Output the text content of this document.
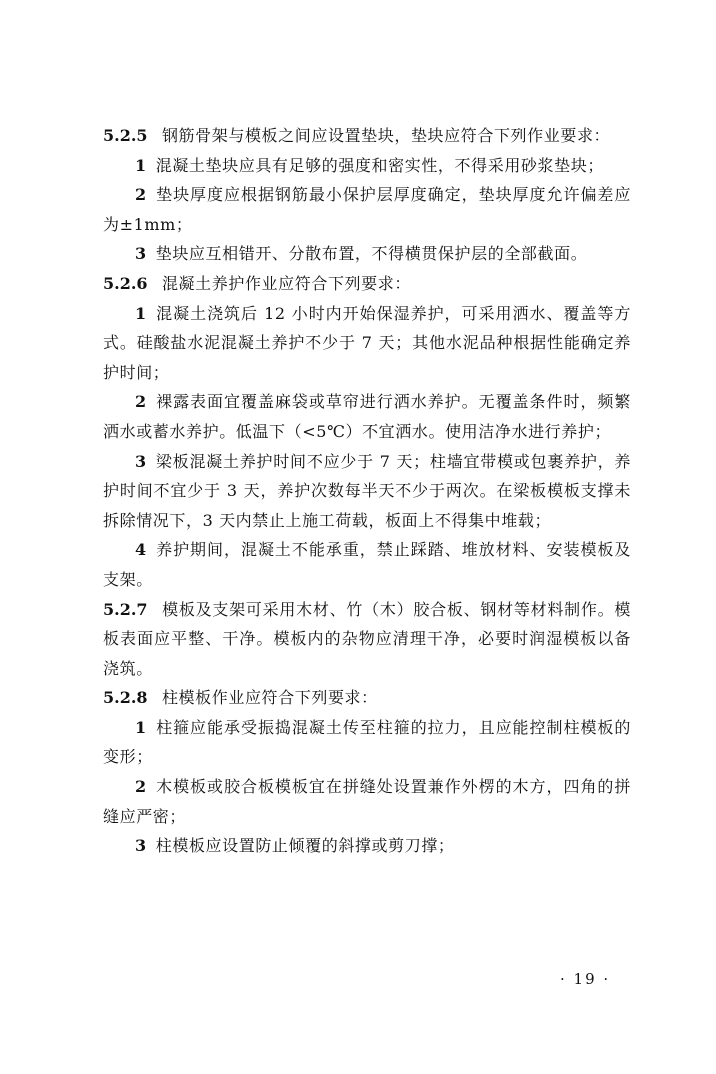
5.2.5 钢筋骨架与模板之间应设置垫块，垫块应符合下列作业要求：

1 混凝土垫块应具有足够的强度和密实性，不得采用砂浆垫块；

2 垫块厚度应根据钢筋最小保护层厚度确定，垫块厚度允许偏差应为±1mm；

3 垫块应互相错开、分散布置，不得横贯保护层的全部截面。

5.2.6 混凝土养护作业应符合下列要求：

1 混凝土浇筑后 12 小时内开始保湿养护，可采用洒水、覆盖等方式。硅酸盐水泥混凝土养护不少于 7 天；其他水泥品种根据性能确定养护时间；

2 裸露表面宜覆盖麻袋或草帘进行洒水养护。无覆盖条件时，频繁洒水或蓄水养护。低温下（<5℃）不宜洒水。使用洁净水进行养护；

3 梁板混凝土养护时间不应少于 7 天；柱墙宜带模或包裹养护，养护时间不宜少于 3 天，养护次数每半天不少于两次。在梁板模板支撑未拆除情况下，3 天内禁止上施工荷载，板面上不得集中堆载；

4 养护期间，混凝土不能承重，禁止踩踏、堆放材料、安装模板及支架。

5.2.7 模板及支架可采用木材、竹（木）胶合板、钢材等材料制作。模板表面应平整、干净。模板内的杂物应清理干净，必要时润湿模板以备浇筑。

5.2.8 柱模板作业应符合下列要求：

1 柱箍应能承受振捣混凝土传至柱箍的拉力，且应能控制柱模板的变形；

2 木模板或胶合板模板宜在拼缝处设置兼作外楞的木方，四角的拼缝应严密；

3 柱模板应设置防止倾覆的斜撑或剪刀撑；

· 19 ·
